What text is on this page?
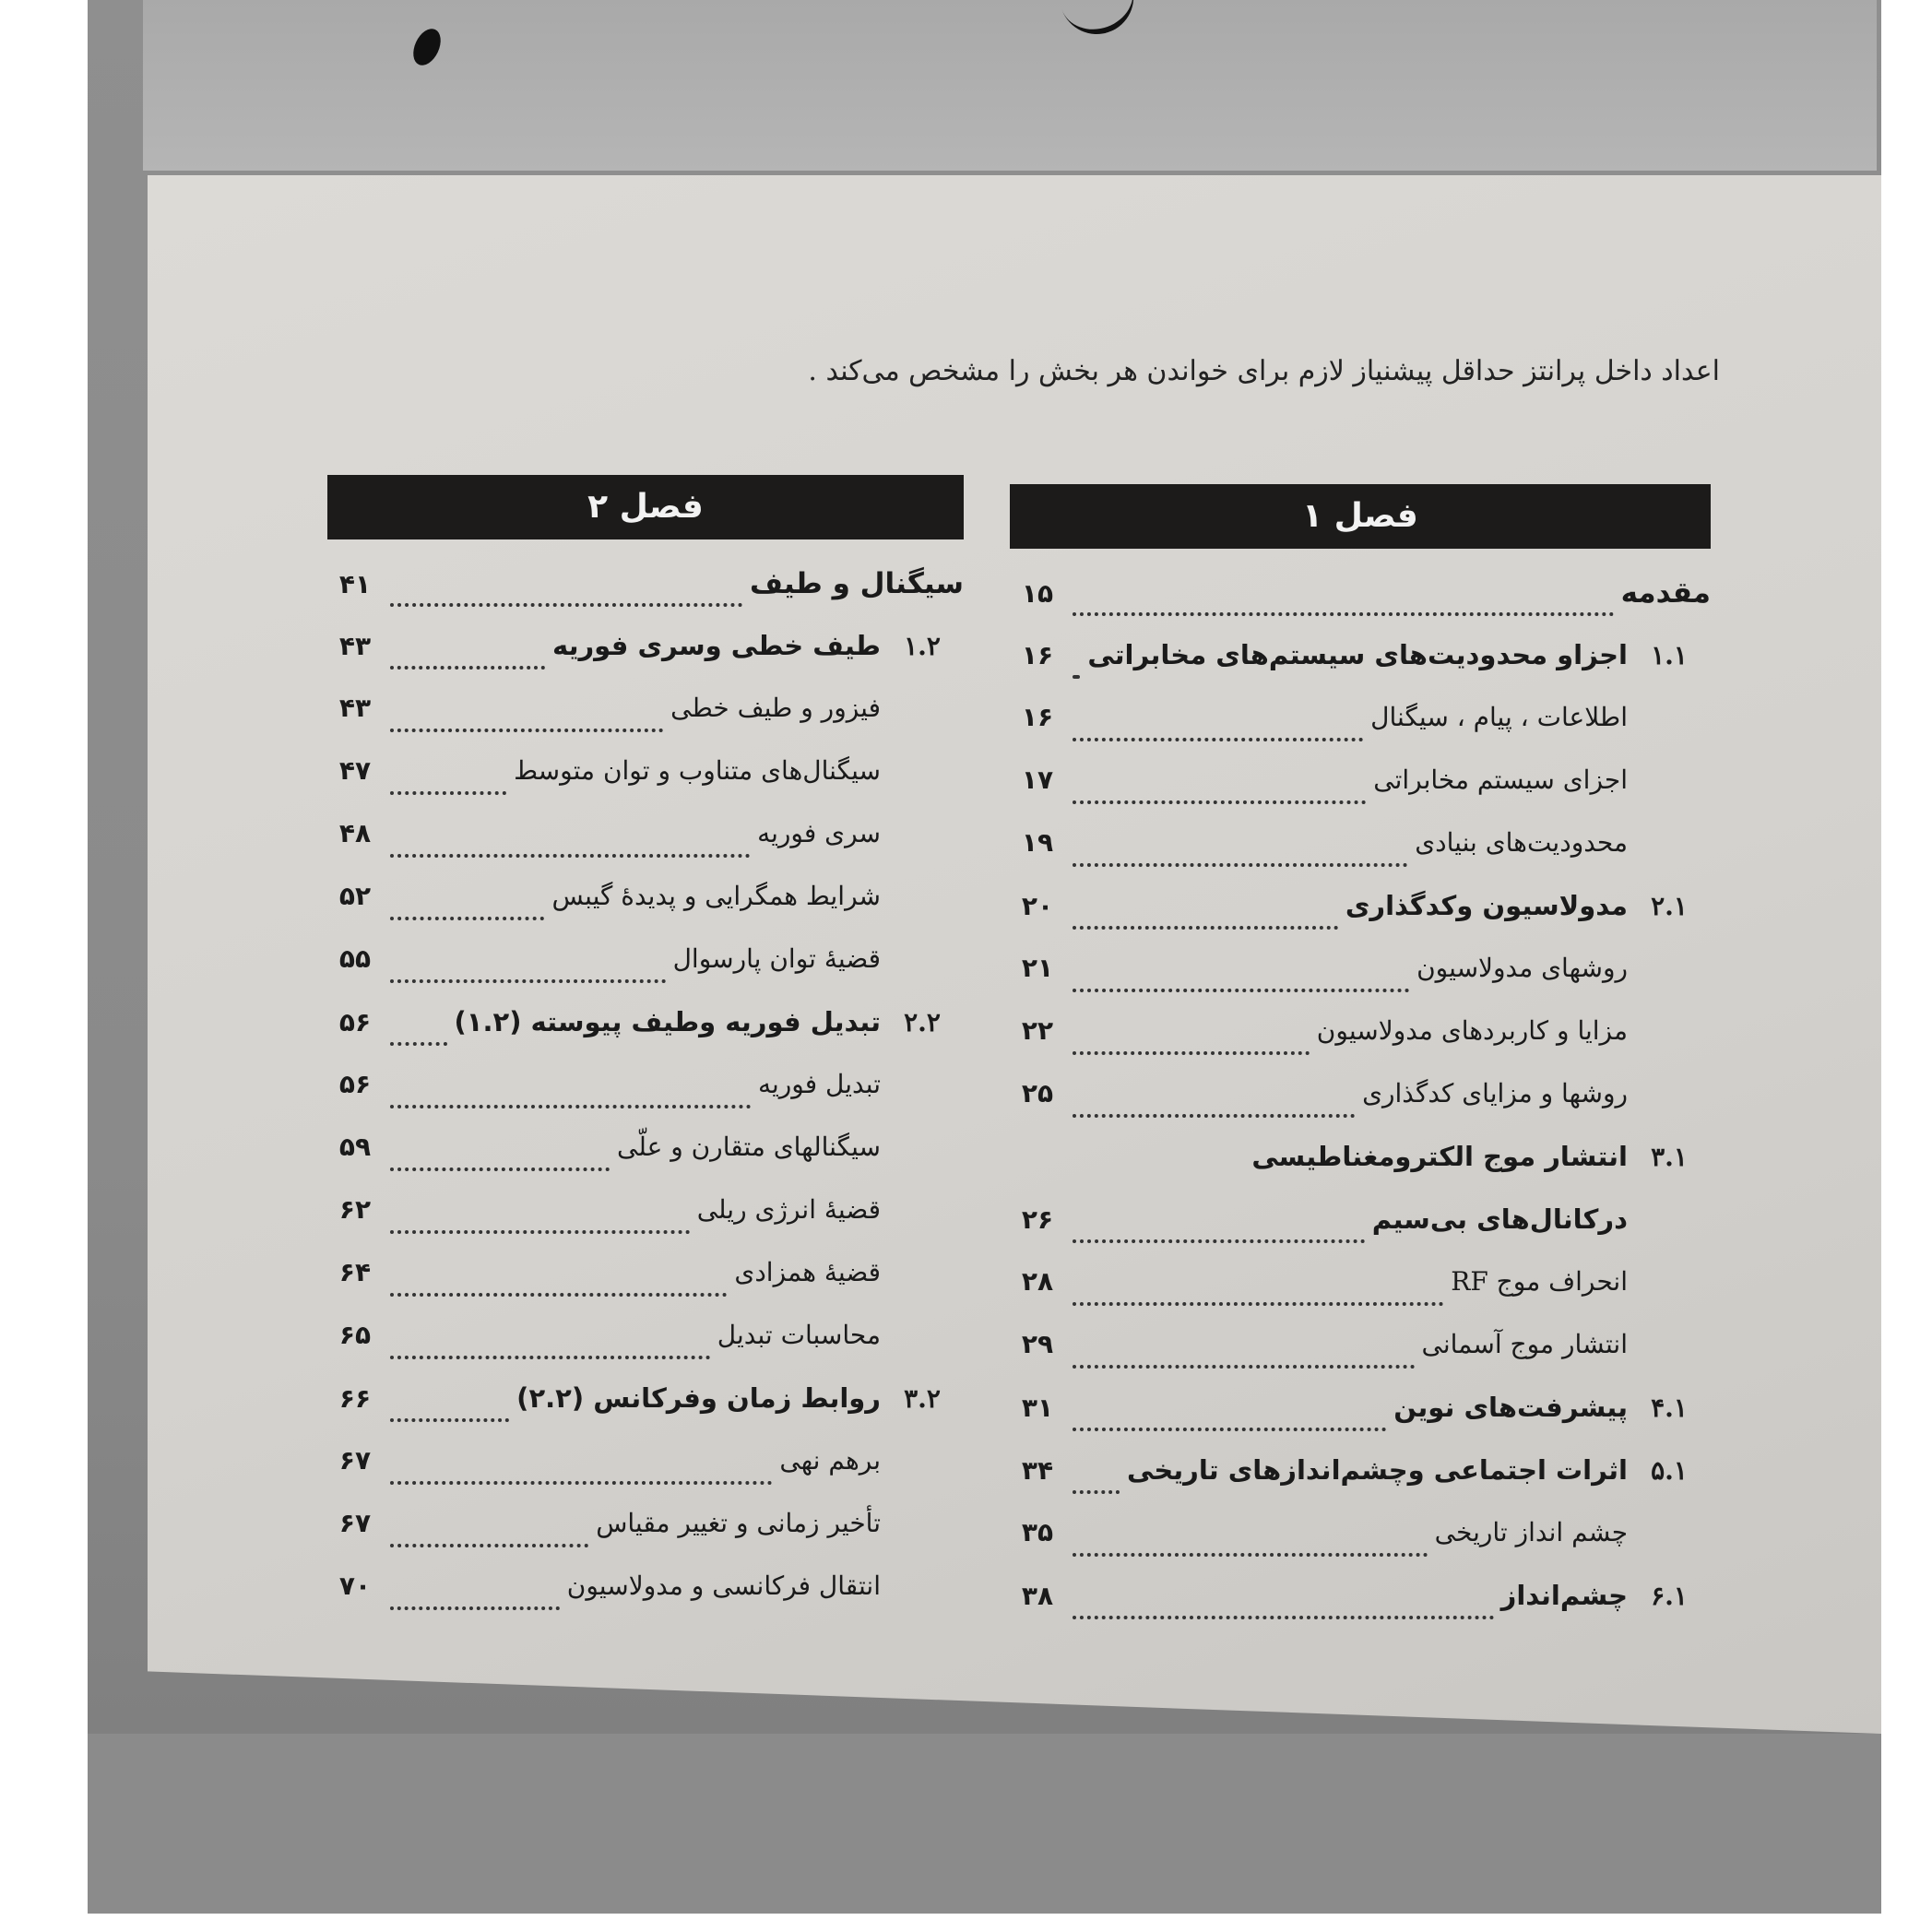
اعداد داخل پرانتز حداقل پیشنیاز لازم برای خواندن هر بخش را مشخص می‌کند .
فصل ۱
مقدمه
۱۵
۱.۱
اجزاو محدودیت‌های سیستم‌های مخابراتی
۱۶
اطلاعات ، پیام ، سیگنال
۱۶
اجزای سیستم مخابراتی
۱۷
محدودیت‌های بنیادی
۱۹
۲.۱
مدولاسیون وکدگذاری
۲۰
روشهای مدولاسیون
۲۱
مزایا و کاربردهای مدولاسیون
۲۲
روشها و مزایای کدگذاری
۲۵
۳.۱
انتشار موج الکترومغناطیسی
درکانال‌های بی‌سیم
۲۶
انحراف موج RF
۲۸
انتشار موج آسمانی
۲۹
۴.۱
پیشرفت‌های نوین
۳۱
۵.۱
اثرات اجتماعی وچشم‌اندازهای تاریخی
۳۴
چشم انداز تاریخی
۳۵
۶.۱
چشم‌انداز
۳۸
فصل ۲
سیگنال و طیف
۴۱
۱.۲
طیف خطی وسری فوریه
۴۳
فیزور و طیف خطی
۴۳
سیگنال‌های متناوب و توان متوسط
۴۷
سری فوریه
۴۸
شرایط همگرایی و پدیدهٔ گیبس
۵۲
قضیهٔ توان پارسوال
۵۵
۲.۲
تبدیل فوریه وطیف پیوسته (۱.۲)
۵۶
تبدیل فوریه
۵۶
سیگنالهای متقارن و علّی
۵۹
قضیهٔ انرژی ریلی
۶۲
قضیهٔ همزادی
۶۴
محاسبات تبدیل
۶۵
۳.۲
روابط زمان وفرکانس (۲.۲)
۶۶
برهم نهی
۶۷
تأخیر زمانی و تغییر مقیاس
۶۷
انتقال فرکانسی و مدولاسیون
۷۰
